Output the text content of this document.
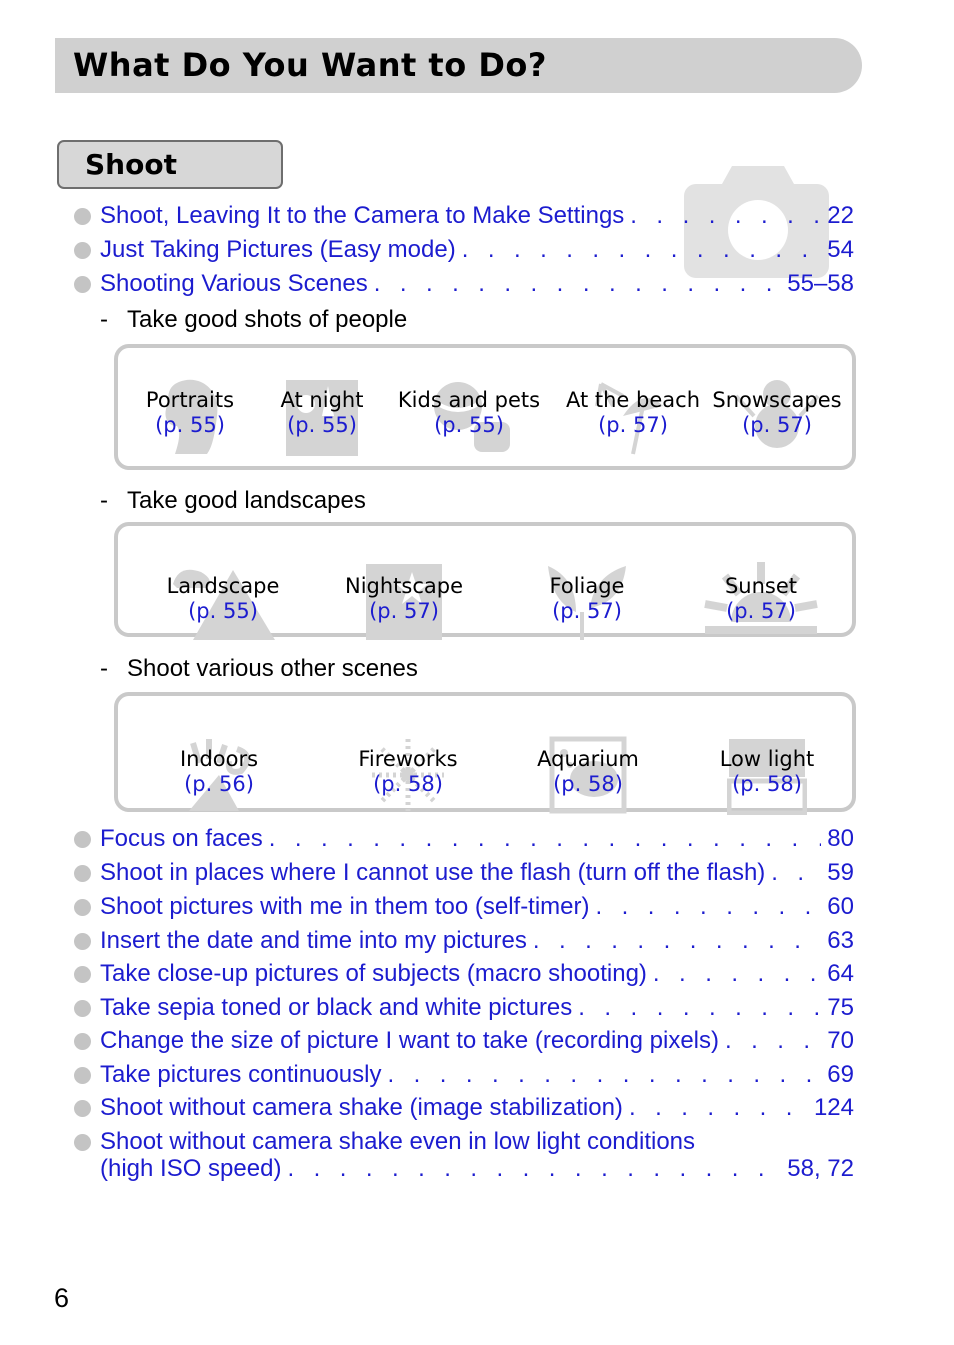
What Do You Want to Do?
Shoot
Shoot, Leaving It to the Camera to Make Settings . . .	22
Just Taking Pictures (Easy mode) . . .	54
Shooting Various Scenes . . .	55–58
- Take good shots of people
Portraits
(p. 55)
At night
(p. 55)
Kids and pets
(p. 55)
At the beach
(p. 57)
Snowscapes
(p. 57)
- Take good landscapes
Landscape
(p. 55)
Nightscape
(p. 57)
Foliage
(p. 57)
Sunset
(p. 57)
- Shoot various other scenes
Indoors
(p. 56)
Fireworks
(p. 58)
Aquarium
(p. 58)
Low light
(p. 58)
Focus on faces . . .	80
Shoot in places where I cannot use the flash (turn off the flash) . . .	59
Shoot pictures with me in them too (self-timer) . . .	60
Insert the date and time into my pictures . . .	63
Take close-up pictures of subjects (macro shooting) . . .	64
Take sepia toned or black and white pictures . . .	75
Change the size of picture I want to take (recording pixels) . . .	70
Take pictures continuously . . .	69
Shoot without camera shake (image stabilization) . . .	124
Shoot without camera shake even in low light conditions
(high ISO speed) . . .	58, 72
6
